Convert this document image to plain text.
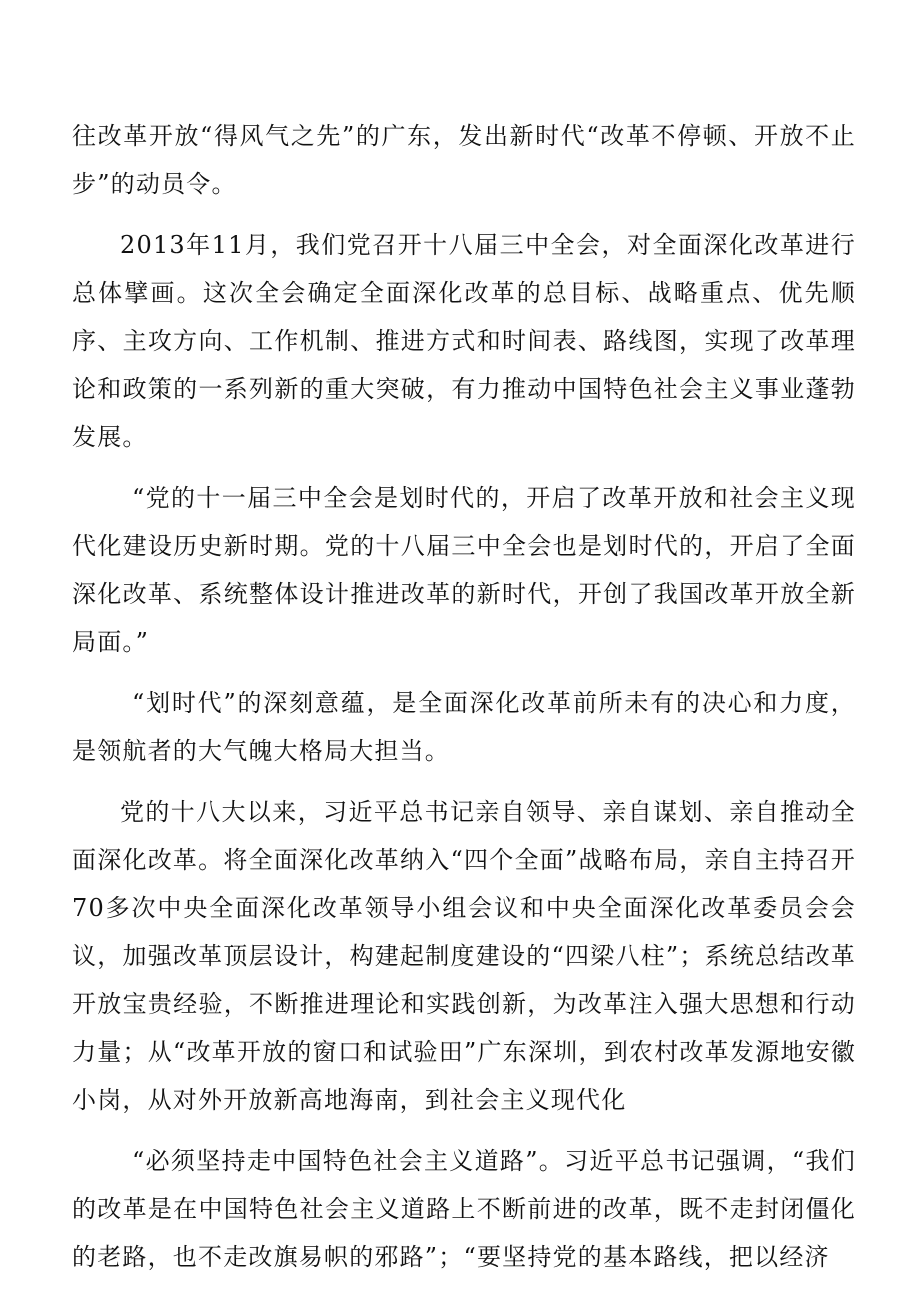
往改革开放“得风气之先”的广东，发出新时代“改革不停顿、开放不止步”的动员令。

2013年11月，我们党召开十八届三中全会，对全面深化改革进行总体擘画。这次全会确定全面深化改革的总目标、战略重点、优先顺序、主攻方向、工作机制、推进方式和时间表、路线图，实现了改革理论和政策的一系列新的重大突破，有力推动中国特色社会主义事业蓬勃发展。

“党的十一届三中全会是划时代的，开启了改革开放和社会主义现代化建设历史新时期。党的十八届三中全会也是划时代的，开启了全面深化改革、系统整体设计推进改革的新时代，开创了我国改革开放全新局面。”

“划时代”的深刻意蕴，是全面深化改革前所未有的决心和力度，是领航者的大气魄大格局大担当。

党的十八大以来，习近平总书记亲自领导、亲自谋划、亲自推动全面深化改革。将全面深化改革纳入“四个全面”战略布局，亲自主持召开70多次中央全面深化改革领导小组会议和中央全面深化改革委员会会议，加强改革顶层设计，构建起制度建设的“四梁八柱”；系统总结改革开放宝贵经验，不断推进理论和实践创新，为改革注入强大思想和行动力量；从“改革开放的窗口和试验田”广东深圳，到农村改革发源地安徽小岗，从对外开放新高地海南，到社会主义现代化

“必须坚持走中国特色社会主义道路”。习近平总书记强调，“我们的改革是在中国特色社会主义道路上不断前进的改革，既不走封闭僵化的老路，也不走改旗易帜的邪路”；“要坚持党的基本路线，把以经济
